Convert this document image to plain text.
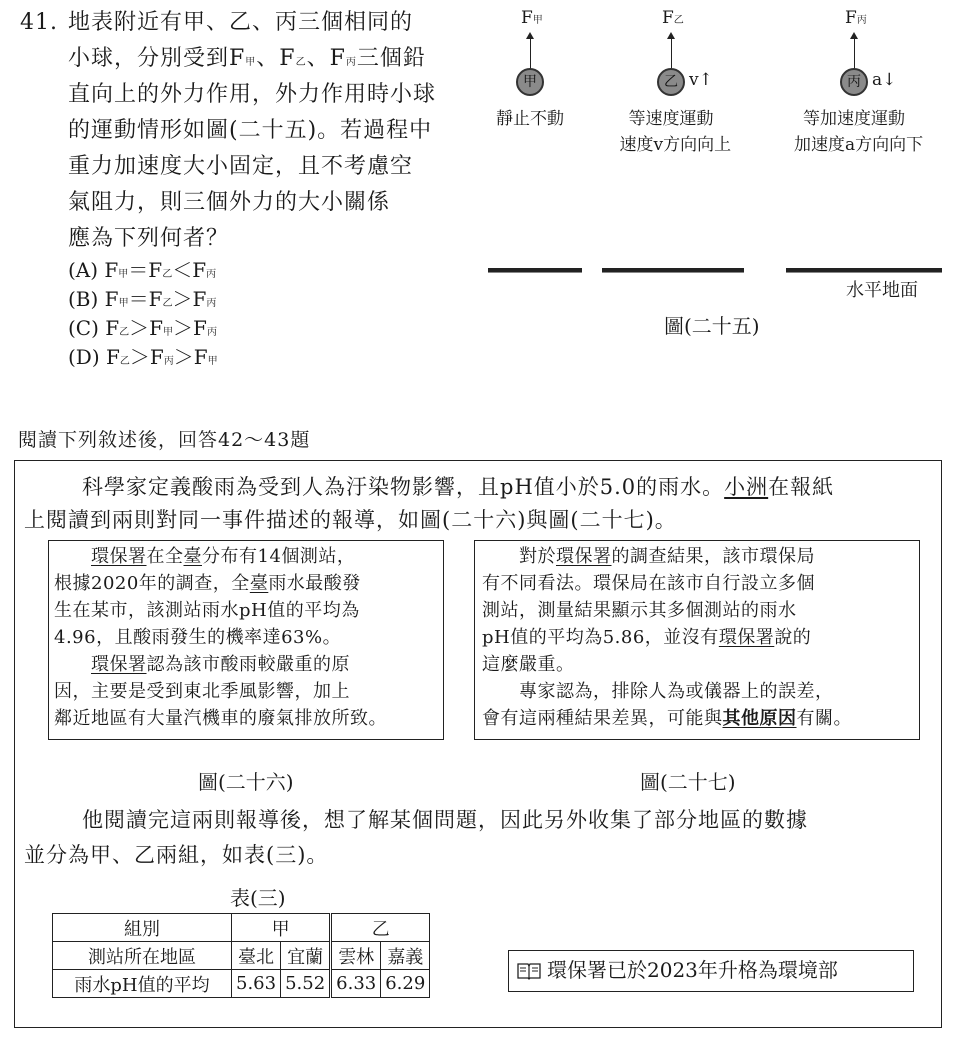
41. 地表附近有甲、乙、丙三個相同的
小球，分別受到F甲、F乙、F丙三個鉛
直向上的外力作用，外力作用時小球
的運動情形如圖(二十五)。若過程中
重力加速度大小固定，且不考慮空
氣阻力，則三個外力的大小關係
應為下列何者？
(A) F甲＝F乙＜F丙
(B) F甲＝F乙＞F丙
(C) F乙＞F甲＞F丙
(D) F乙＞F丙＞F甲
F甲
甲
靜止不動
F乙
乙 v↑
等速度運動
速度v方向向上
F丙
丙 a↓
等加速度運動
加速度a方向向下
水平地面
圖(二十五)
閱讀下列敘述後，回答42～43題
科學家定義酸雨為受到人為汙染物影響，且pH值小於5.0的雨水。小洲在報紙
上閱讀到兩則對同一事件描述的報導，如圖(二十六)與圖(二十七)。
　　環保署在全臺分布有14個測站，
根據2020年的調查，全臺雨水最酸發
生在某市，該測站雨水pH值的平均為
4.96，且酸雨發生的機率達63%。
　　環保署認為該市酸雨較嚴重的原
因，主要是受到東北季風影響，加上
鄰近地區有大量汽機車的廢氣排放所致。
圖(二十六)
　　對於環保署的調查結果，該市環保局
有不同看法。環保局在該市自行設立多個
測站，測量結果顯示其多個測站的雨水
pH值的平均為5.86，並沒有環保署說的
這麼嚴重。
　　專家認為，排除人為或儀器上的誤差，
會有這兩種結果差異，可能與其他原因有關。
圖(二十七)
他閱讀完這兩則報導後，想了解某個問題，因此另外收集了部分地區的數據
並分為甲、乙兩組，如表(三)。
表(三)
組別	甲		乙	
測站所在地區	臺北	宜蘭	雲林	嘉義
雨水pH值的平均	5.63	5.52	6.33	6.29
環保署已於2023年升格為環境部
